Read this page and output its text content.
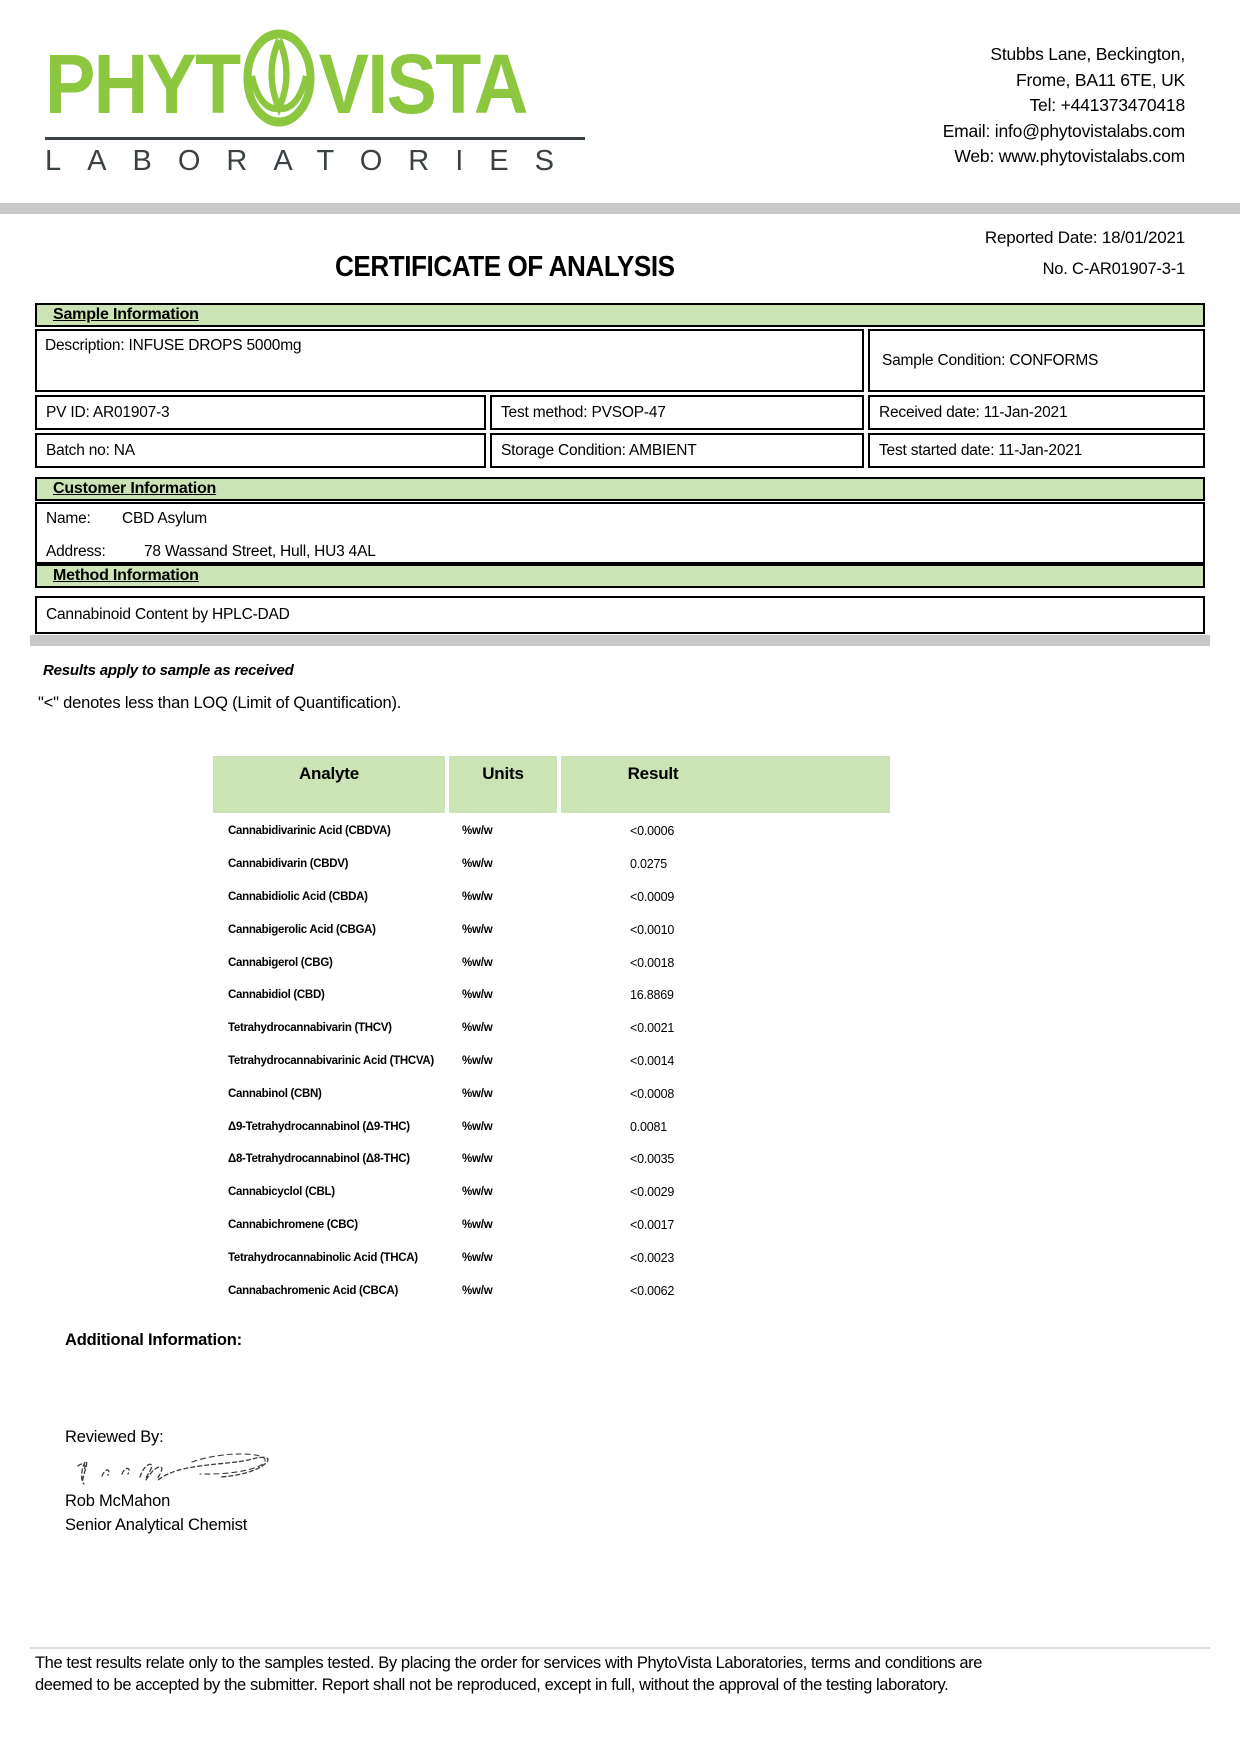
PHYT VISTA
LABORATORIES
Stubbs Lane, Beckington,
Frome, BA11 6TE, UK
Tel: +441373470418
Email: info@phytovistalabs.com
Web: www.phytovistalabs.com
Reported Date: 18/01/2021
CERTIFICATE OF ANALYSIS	No. C-AR01907-3-1
Sample Information
Description: INFUSE DROPS 5000mg
Sample Condition: CONFORMS
PV ID: AR01907-3	Test method: PVSOP-47	Received date: 11-Jan-2021
Batch no: NA	Storage Condition: AMBIENT	Test started date: 11-Jan-2021
Customer Information
Name:	CBD Asylum
Address:	78 Wassand Street, Hull, HU3 4AL
Method Information
Cannabinoid Content by HPLC-DAD
Results apply to sample as received
"<" denotes less than LOQ (Limit of Quantification).
Analyte	Units	Result
Cannabidivarinic Acid (CBDVA)	%w/w	<0.0006
Cannabidivarin (CBDV)	%w/w	0.0275
Cannabidiolic Acid (CBDA)	%w/w	<0.0009
Cannabigerolic Acid (CBGA)	%w/w	<0.0010
Cannabigerol (CBG)	%w/w	<0.0018
Cannabidiol (CBD)	%w/w	16.8869
Tetrahydrocannabivarin (THCV)	%w/w	<0.0021
Tetrahydrocannabivarinic Acid (THCVA)	%w/w	<0.0014
Cannabinol (CBN)	%w/w	<0.0008
Δ9-Tetrahydrocannabinol (Δ9-THC)	%w/w	0.0081
Δ8-Tetrahydrocannabinol (Δ8-THC)	%w/w	<0.0035
Cannabicyclol (CBL)	%w/w	<0.0029
Cannabichromene (CBC)	%w/w	<0.0017
Tetrahydrocannabinolic Acid (THCA)	%w/w	<0.0023
Cannabachromenic Acid (CBCA)	%w/w	<0.0062
Additional Information:
Reviewed By:
Rob McMahon
Senior Analytical Chemist
The test results relate only to the samples tested. By placing the order for services with PhytoVista Laboratories, terms and conditions are
deemed to be accepted by the submitter. Report shall not be reproduced, except in full, without the approval of the testing laboratory.
